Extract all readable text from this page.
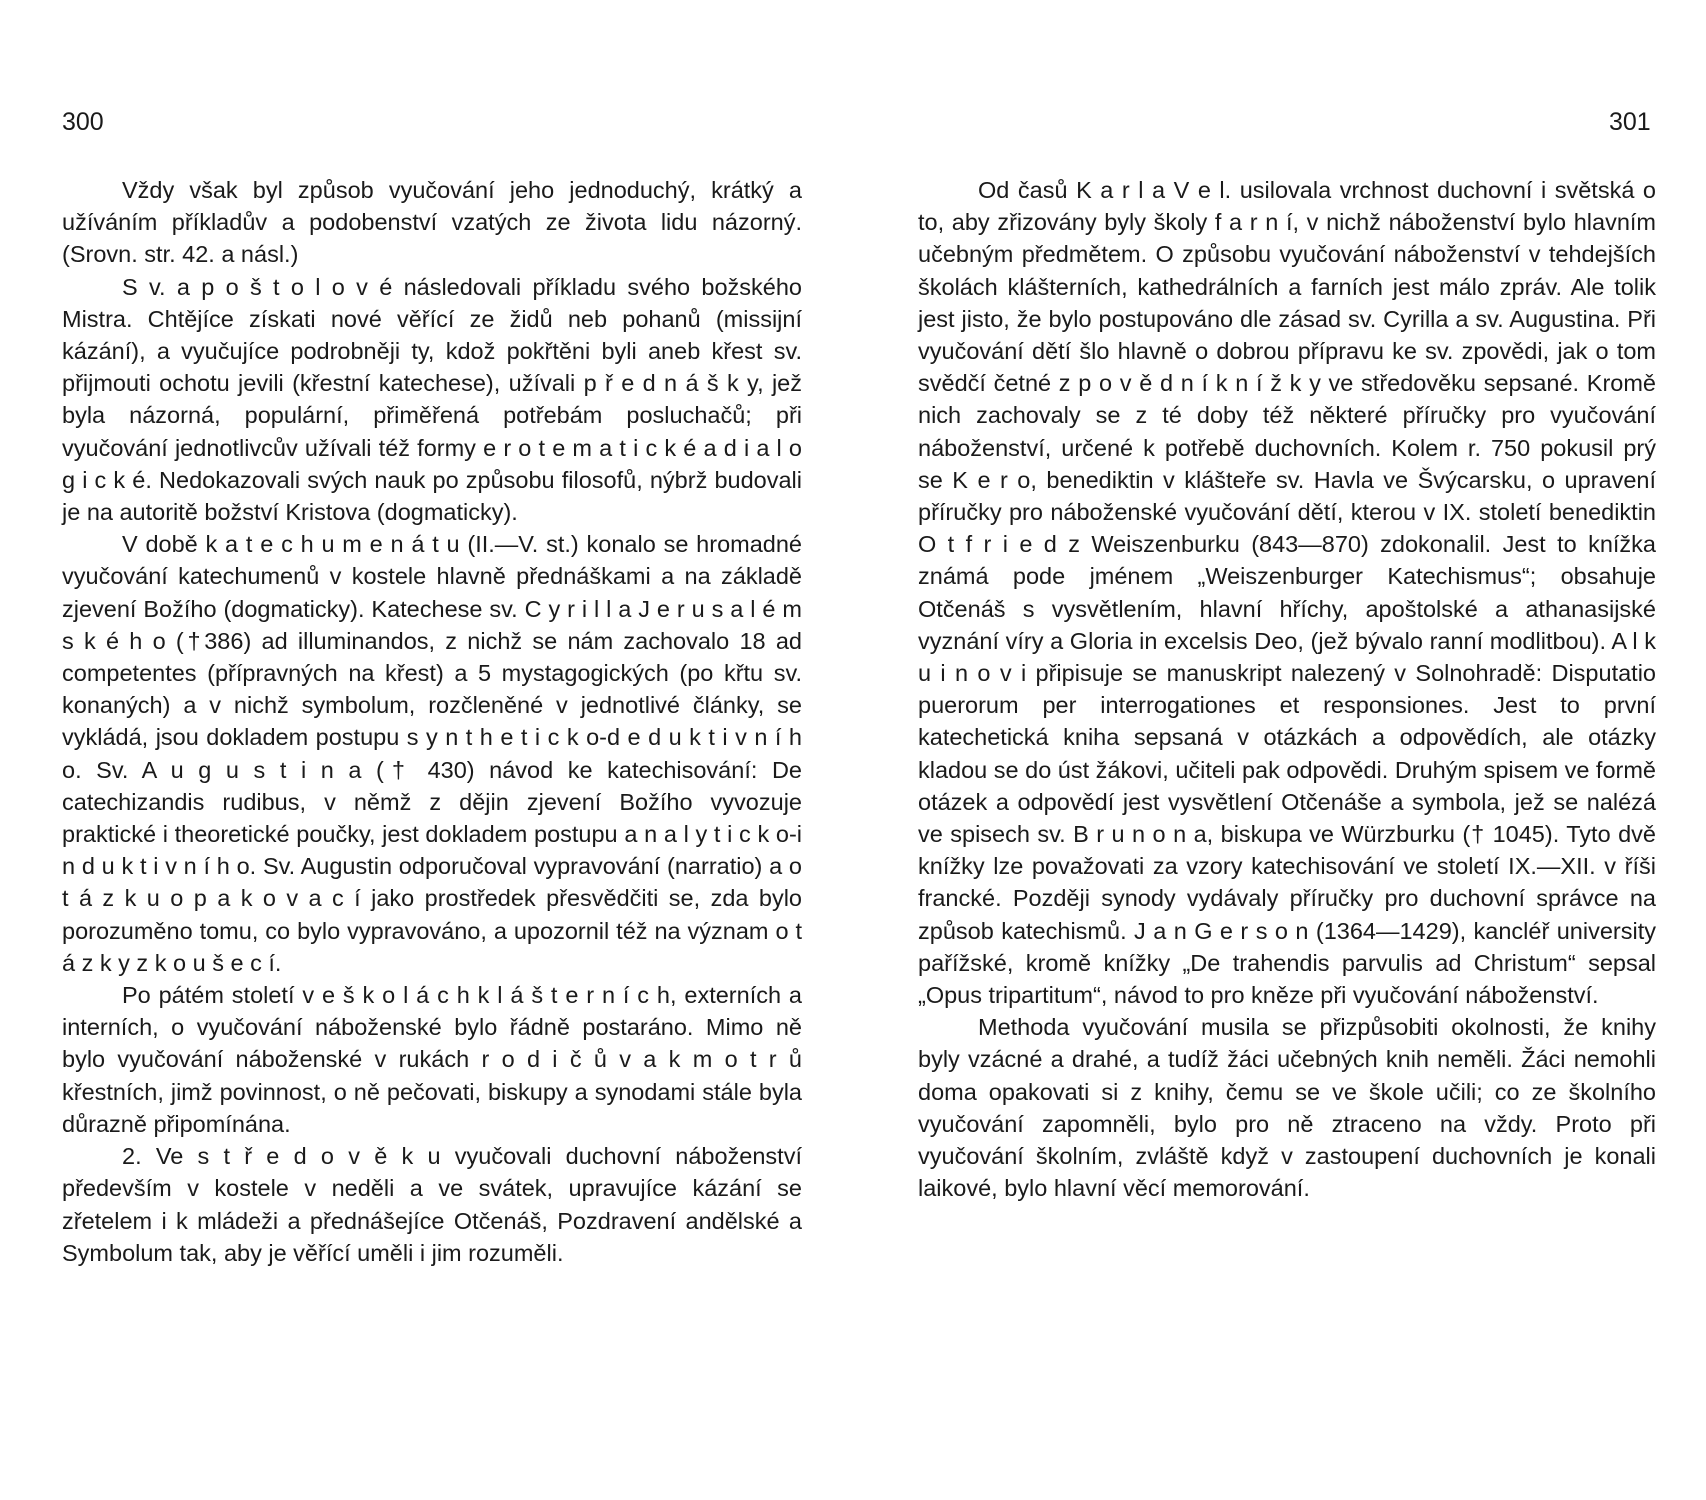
300	301

Vždy však byl způsob vyučování jeho jednoduchý, krátký a užíváním příkladův a podobenství vzatých ze života lidu názorný. (Srovn. str. 42. a násl.)

S v. a p o š t o l o v é následovali příkladu svého božského Mistra. Chtějíce získati nové věřící ze židů neb pohanů (missijní kázání), a vyučujíce podrobněji ty, kdož pokřtěni byli aneb křest sv. přijmouti ochotu jevili (křestní katechese), užívali p ř e d n á š k y, jež byla názorná, populární, přiměřená potřebám posluchačů; při vyučování jednotlivcův užívali též formy e r o t e m a t i c k é a d i a l o g i c k é. Nedokazovali svých nauk po způsobu filosofů, nýbrž budovali je na autoritě božství Kristova (dogmaticky).

V době k a t e c h u m e n á t u (II.—V. st.) konalo se hromadné vyučování katechumenů v kostele hlavně přednáškami a na základě zjevení Božího (dogmaticky). Katechese sv. C y r i l l a J e r u s a l é m s k é h o (†386) ad illuminandos, z nichž se nám zachovalo 18 ad competentes (přípravných na křest) a 5 mystagogických (po křtu sv. konaných) a v nichž symbolum, rozčleněné v jednotlivé články, se vykládá, jsou dokladem postupu s y n t h e t i c k o-d e d u k t i v n í h o. Sv. A u g u s t i n a († 430) návod ke katechisování: De catechizandis rudibus, v němž z dějin zjevení Božího vyvozuje praktické i theoretické poučky, jest dokladem postupu a n a l y t i c k o-i n d u k t i v n í h o. Sv. Augustin odporučoval vypravování (narratio) a o t á z k u o p a k o v a c í jako prostředek přesvědčiti se, zda bylo porozuměno tomu, co bylo vypravováno, a upozornil též na význam o t á z k y z k o u š e c í.

Po pátém století v e š k o l á c h k l á š t e r n í c h, externích a interních, o vyučování náboženské bylo řádně postaráno. Mimo ně bylo vyučování náboženské v rukách r o d i č ů v a k m o t r ů křestních, jimž povinnost, o ně pečovati, biskupy a synodami stále byla důrazně připomínána.

2. Ve s t ř e d o v ě k u vyučovali duchovní náboženství především v kostele v neděli a ve svátek, upravujíce kázání se zřetelem i k mládeži a přednášejíce Otčenáš, Pozdravení andělské a Symbolum tak, aby je věřící uměli i jim rozuměli.

Od časů K a r l a V e l. usilovala vrchnost duchovní i světská o to, aby zřizovány byly školy f a r n í, v nichž náboženství bylo hlavním učebným předmětem. O způsobu vyučování náboženství v tehdejších školách klášterních, kathedrálních a farních jest málo zpráv. Ale tolik jest jisto, že bylo postupováno dle zásad sv. Cyrilla a sv. Augustina. Při vyučování dětí šlo hlavně o dobrou přípravu ke sv. zpovědi, jak o tom svědčí četné z p o v ě d n í k n í ž k y ve středověku sepsané. Kromě nich zachovaly se z té doby též některé příručky pro vyučování náboženství, určené k potřebě duchovních. Kolem r. 750 pokusil prý se K e r o, benediktin v klášteře sv. Havla ve Švýcarsku, o upravení příručky pro náboženské vyučování dětí, kterou v IX. století benediktin O t f r i e d z Weiszenburku (843—870) zdokonalil. Jest to knížka známá pode jménem „Weiszenburger Katechismus“; obsahuje Otčenáš s vysvětlením, hlavní hříchy, apoštolské a athanasijské vyznání víry a Gloria in excelsis Deo, (jež bývalo ranní modlitbou). A l k u i n o v i připisuje se manuskript nalezený v Solnohradě: Disputatio puerorum per interrogationes et responsiones. Jest to první katechetická kniha sepsaná v otázkách a odpovědích, ale otázky kladou se do úst žákovi, učiteli pak odpovědi. Druhým spisem ve formě otázek a odpovědí jest vysvětlení Otčenáše a symbola, jež se nalézá ve spisech sv. B r u n o n a, biskupa ve Würzburku († 1045). Tyto dvě knížky lze považovati za vzory katechisování ve století IX.—XII. v říši francké. Později synody vydávaly příručky pro duchovní správce na způsob katechismů. J a n G e r s o n (1364—1429), kancléř university pařížské, kromě knížky „De trahendis parvulis ad Christum“ sepsal „Opus tripartitum“, návod to pro kněze při vyučování náboženství.

Methoda vyučování musila se přizpůsobiti okolnosti, že knihy byly vzácné a drahé, a tudíž žáci učebných knih neměli. Žáci nemohli doma opakovati si z knihy, čemu se ve škole učili; co ze školního vyučování zapomněli, bylo pro ně ztraceno na vždy. Proto při vyučování školním, zvláště když v zastoupení duchovních je konali laikové, bylo hlavní věcí memorování.
